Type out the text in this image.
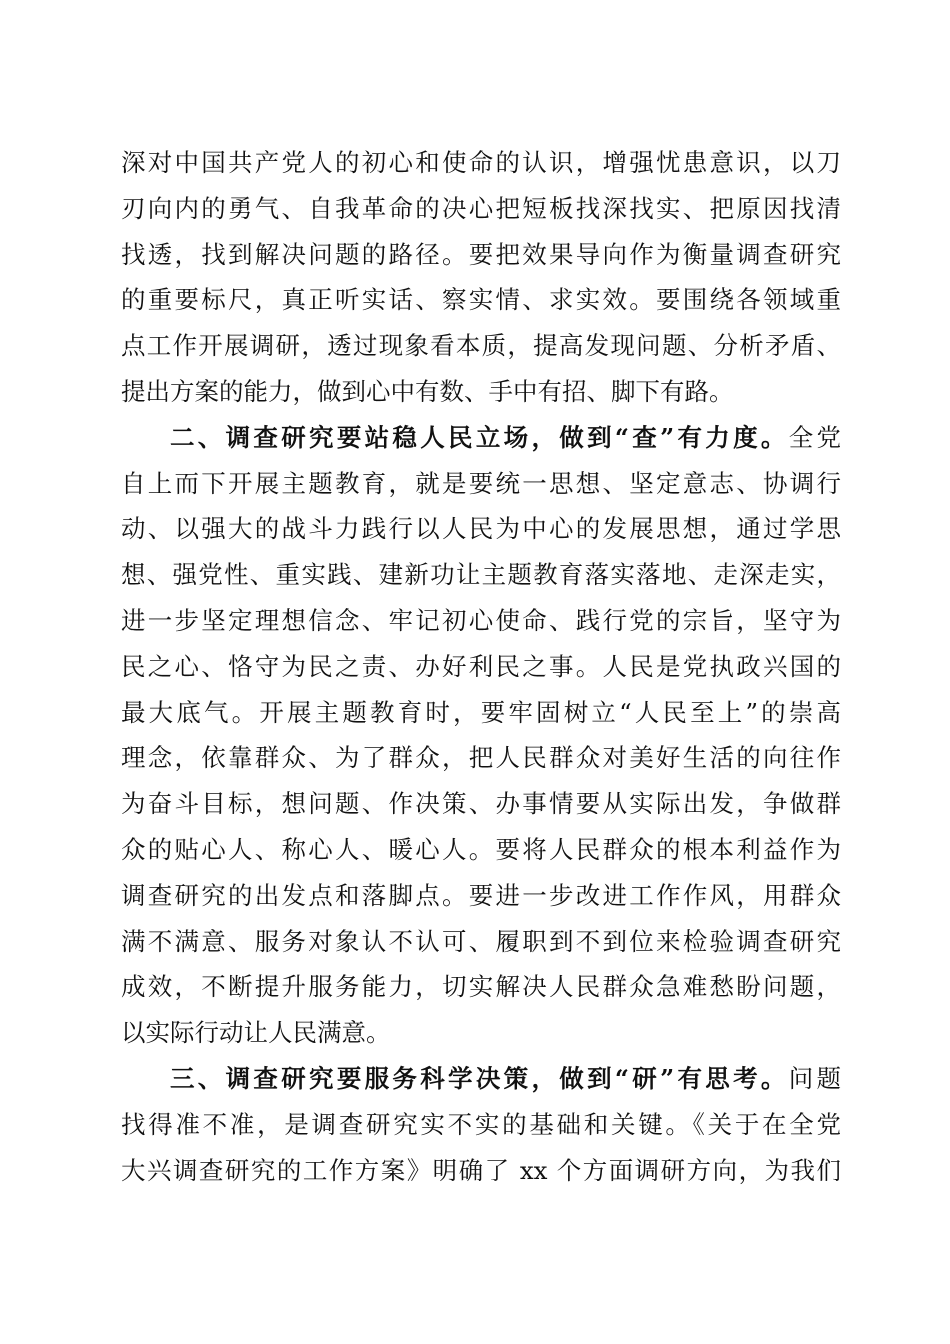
深对中国共产党人的初心和使命的认识，增强忧患意识，以刀
刃向内的勇气、自我革命的决心把短板找深找实、把原因找清
找透，找到解决问题的路径。要把效果导向作为衡量调查研究
的重要标尺，真正听实话、察实情、求实效。要围绕各领域重
点工作开展调研，透过现象看本质，提高发现问题、分析矛盾、
提出方案的能力，做到心中有数、手中有招、脚下有路。
二、调查研究要站稳人民立场，做到“查”有力度。全党
自上而下开展主题教育，就是要统一思想、坚定意志、协调行
动、以强大的战斗力践行以人民为中心的发展思想，通过学思
想、强党性、重实践、建新功让主题教育落实落地、走深走实，
进一步坚定理想信念、牢记初心使命、践行党的宗旨，坚守为
民之心、恪守为民之责、办好利民之事。人民是党执政兴国的
最大底气。开展主题教育时，要牢固树立“人民至上”的崇高
理念，依靠群众、为了群众，把人民群众对美好生活的向往作
为奋斗目标，想问题、作决策、办事情要从实际出发，争做群
众的贴心人、称心人、暖心人。要将人民群众的根本利益作为
调查研究的出发点和落脚点。要进一步改进工作作风，用群众
满不满意、服务对象认不认可、履职到不到位来检验调查研究
成效，不断提升服务能力，切实解决人民群众急难愁盼问题，
以实际行动让人民满意。
三、调查研究要服务科学决策，做到“研”有思考。问题
找得准不准，是调查研究实不实的基础和关键。《关于在全党
大兴调查研究的工作方案》明确了 xx 个方面调研方向，为我们
